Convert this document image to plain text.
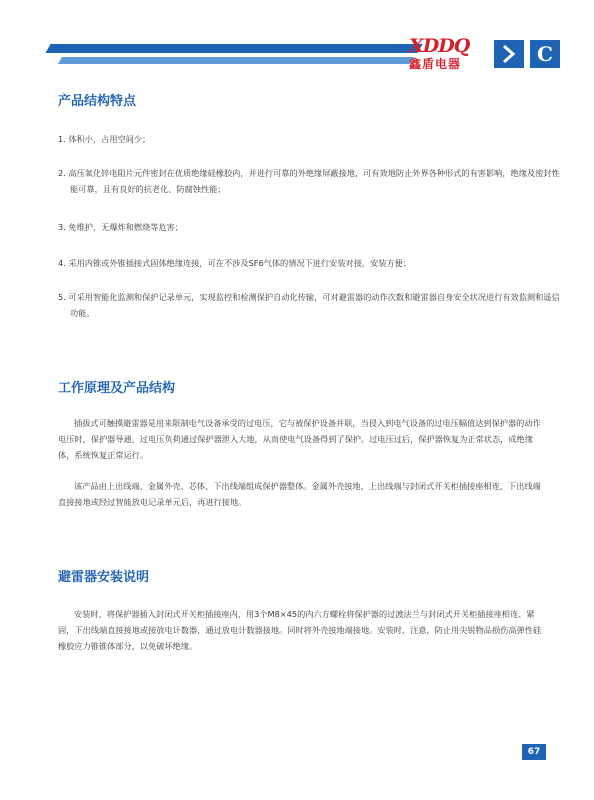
XDDQ
鑫盾电器	C
产品结构特点

1. 体积小，占用空间少；

2. 高压氧化锌电阻片元件密封在优质绝缘硅橡胶内，并进行可靠的外绝缘屏蔽接地，可有效地防止外界各种形式的有害影响，绝缘及密封性能可靠，且有良好的抗老化、防腐蚀性能；

3. 免维护，无爆炸和燃烧等危害；

4. 采用内锥或外锥插接式固体绝缘连接，可在不涉及SF6气体的情况下进行安装对接，安装方便；

5. 可采用智能化监测和保护记录单元，实现监控和检测保护自动化传输，可对避雷器的动作次数和避雷器自身安全状况进行有效监测和遥信功能。

工作原理及产品结构

插拔式可触摸避雷器是用来限制电气设备承受的过电压，它与被保护设备并联，当侵入到电气设备的过电压幅值达到保护器的动作电压时，保护器导通，过电压负荷通过保护器泄入大地，从而使电气设备得到了保护。过电压过后，保护器恢复为正常状态，成绝缘体，系统恢复正常运行。

该产品由上出线端、金属外壳、芯体、下出线端组成保护器整体。金属外壳接地，上出线端与封闭式开关柜插接座相连，下出线端直接接地或经过智能放电记录单元后，再进行接地。

避雷器安装说明

安装时，将保护器插入封闭式开关柜插接座内，用3个M8×45的内六方螺栓将保护器的过渡法兰与封闭式开关柜插接座相连、紧固，下出线端直接接地或接放电计数器，通过放电计数器接地。同时将外壳接地端接地。安装时，注意，防止用尖锐物品损伤高弹性硅橡胶应力锥锥体部分，以免破坏绝缘。

67
